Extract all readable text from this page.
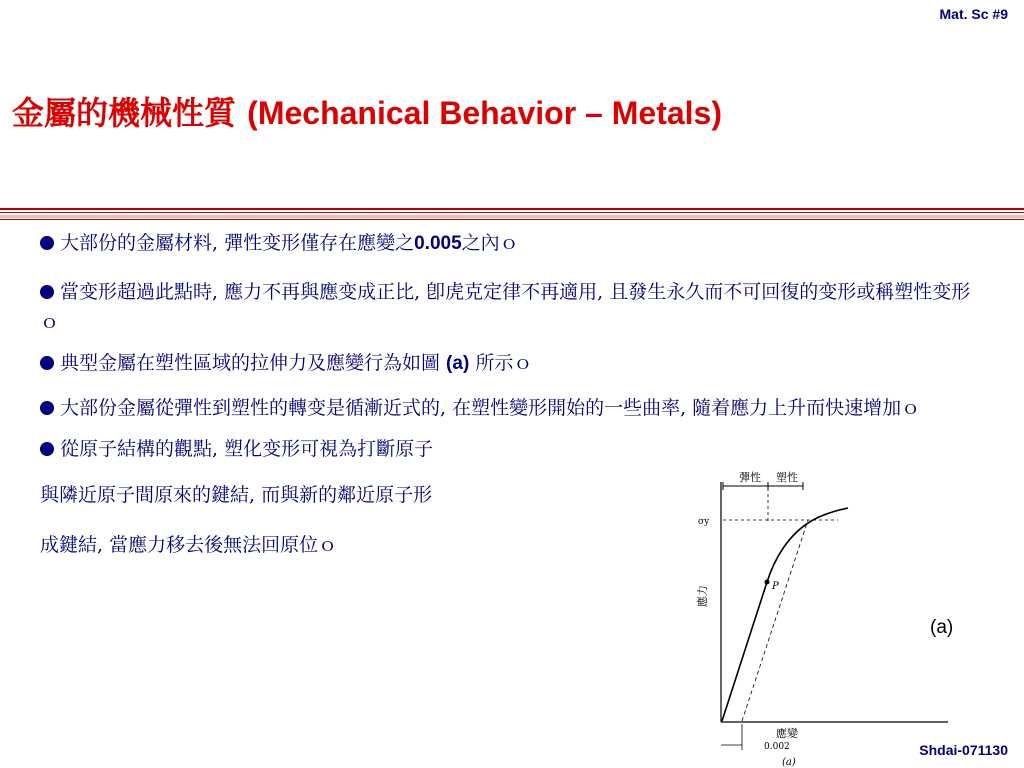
Mat. Sc #9
金屬的機械性質 (Mechanical Behavior – Metals)
大部份的金屬材料, 彈性变形僅存在應變之0.005之內ｏ
當变形超過此點時, 應力不再與應变成正比, 卽虎克定律不再適用, 且發生永久而不可回復的变形或稱塑性变形ｏ
典型金屬在塑性區域的拉伸力及應變行為如圖 (a) 所示ｏ
大部份金屬從彈性到塑性的轉变是循漸近式的, 在塑性變形開始的一些曲率, 隨着應力上升而快速增加ｏ
從原子結構的觀點, 塑化变形可視為打斷原子
與隣近原子間原來的鍵結, 而與新的鄰近原子形
成鍵結, 當應力移去後無法回原位ｏ
彈性 塑性
σy
P
應力
應變
0.002
(a)
(a)
Shdai-071130
